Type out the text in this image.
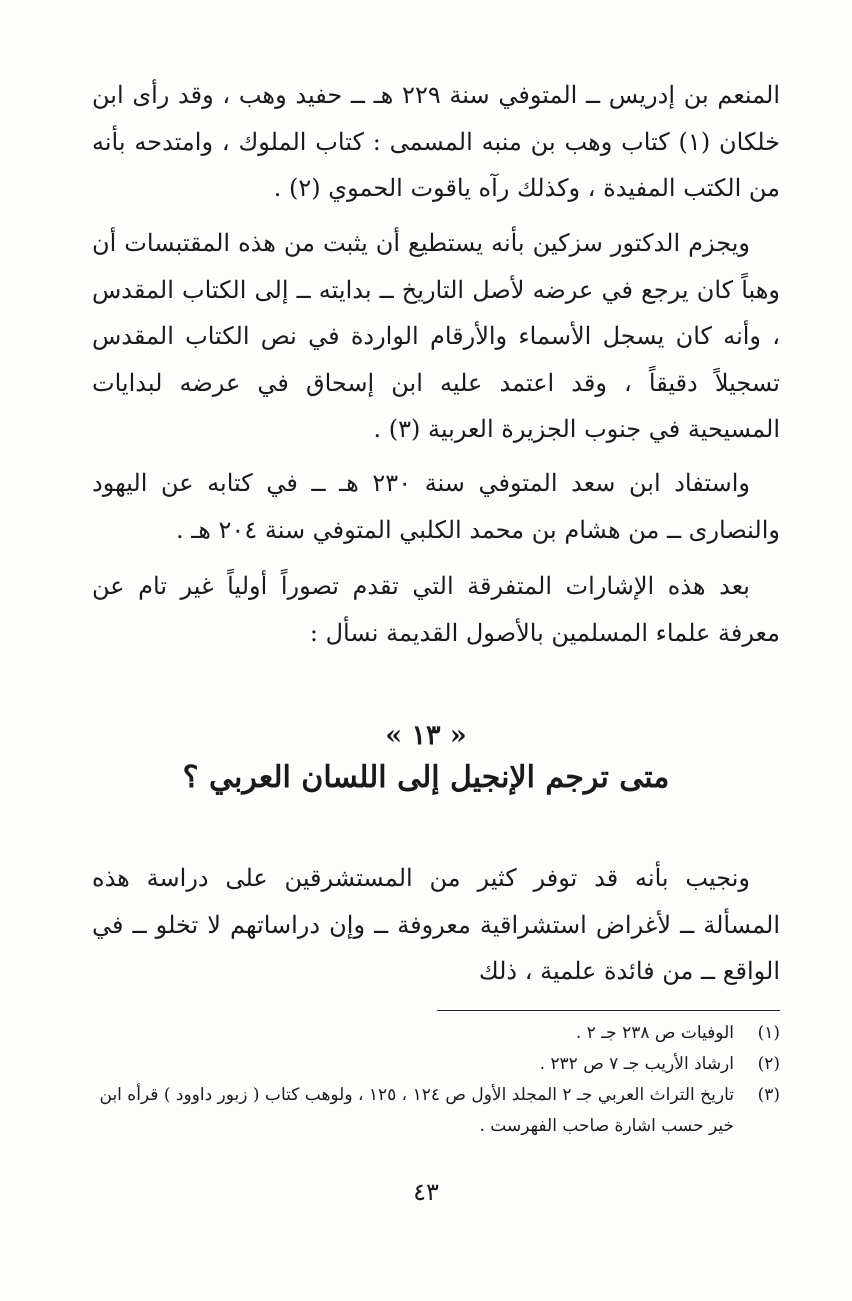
المنعم بن إدريس ــ المتوفي سنة ٢٢٩ هـ ــ حفيد وهب ، وقد رأى ابن خلكان (١) كتاب وهب بن منبه المسمى : كتاب الملوك ، وامتدحه بأنه من الكتب المفيدة ، وكذلك رآه ياقوت الحموي (٢) .

ويجزم الدكتور سزكين بأنه يستطيع أن يثبت من هذه المقتبسات أن وهباً كان يرجع في عرضه لأصل التاريخ ــ بدايته ــ إلى الكتاب المقدس ، وأنه كان يسجل الأسماء والأرقام الواردة في نص الكتاب المقدس تسجيلاً دقيقاً ، وقد اعتمد عليه ابن إسحاق في عرضه لبدايات المسيحية في جنوب الجزيرة العربية (٣) .

واستفاد ابن سعد المتوفي سنة ٢٣٠ هـ ــ في كتابه عن اليهود والنصارى ــ من هشام بن محمد الكلبي المتوفي سنة ٢٠٤ هـ .

بعد هذه الإشارات المتفرقة التي تقدم تصوراً أولياً غير تام عن معرفة علماء المسلمين بالأصول القديمة نسأل :

« ١٣ »
متى ترجم الإنجيل إلى اللسان العربي ؟

ونجيب بأنه قد توفر كثير من المستشرقين على دراسة هذه المسألة ــ لأغراض استشراقية معروفة ــ وإن دراساتهم لا تخلو ــ في الواقع ــ من فائدة علمية ، ذلك

(١)
الوفيات ص ٢٣٨ جـ ٢ .
(٢)
ارشاد الأريب جـ ٧ ص ٢٣٢ .
(٣)
تاريخ التراث العربي جـ ٢ المجلد الأول ص ١٢٤ ، ١٢٥ ، ولوهب كتاب ( زبور داوود ) قرأه ابن خير حسب اشارة صاحب الفهرست .
٤٣
